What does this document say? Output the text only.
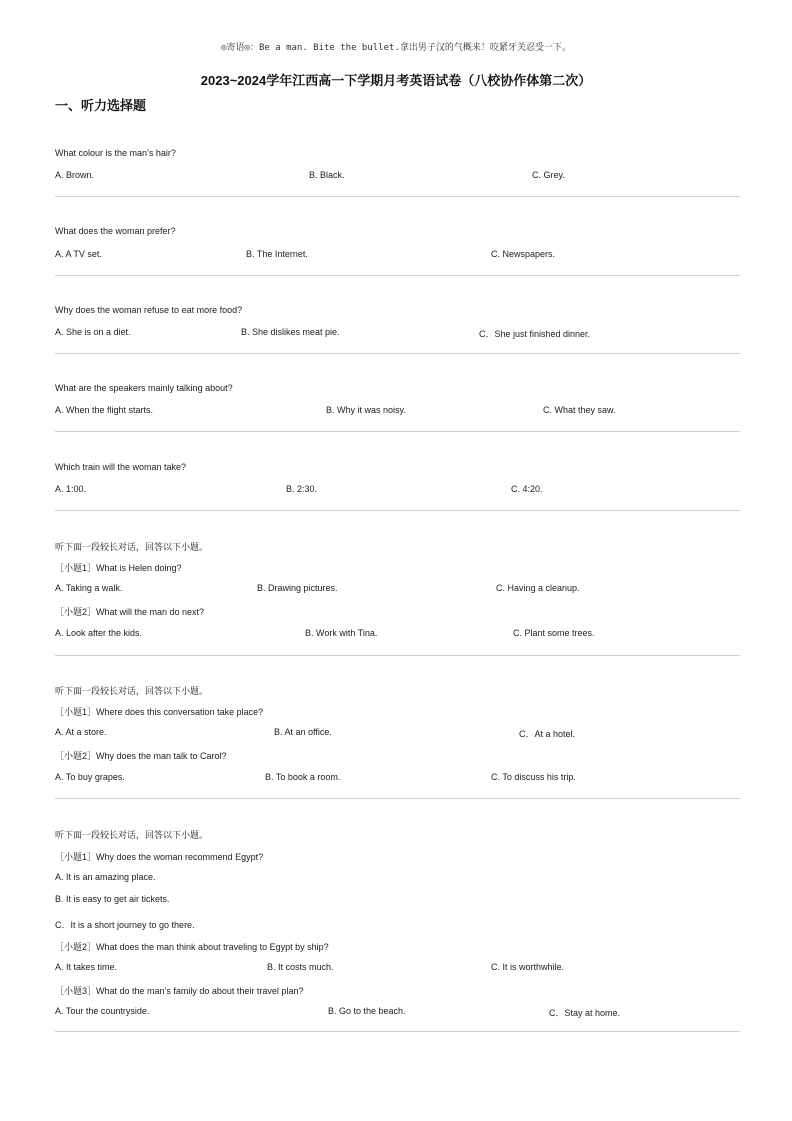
◎寄语◎：Be a man. Bite the bullet.拿出男子汉的气概来！咬紧牙关忍受一下。
2023~2024学年江西高一下学期月考英语试卷（八校协作体第二次）
一、听力选择题
What colour is the man’s hair?
A. Brown.	B. Black.	C. Grey.
What does the woman prefer?
A. A TV set.	B. The Internet.	C. Newspapers.
Why does the woman refuse to eat more food?
A. She is on a diet.	B. She dislikes meat pie.	C．She just finished dinner.
What are the speakers mainly talking about?
A. When the flight starts.	B. Why it was noisy.	C. What they saw.
Which train will the woman take?
A. 1:00.	B. 2:30.	C. 4:20.
听下面一段较长对话，回答以下小题。
［小题1］What is Helen doing?
A. Taking a walk.	B. Drawing pictures.	C. Having a cleanup.
［小题2］What will the man do next?
A. Look after the kids.	B. Work with Tina.	C. Plant some trees.
听下面一段较长对话，回答以下小题。
［小题1］Where does this conversation take place?
A. At a store.	B. At an office.	C．At a hotel.
［小题2］Why does the man talk to Carol?
A. To buy grapes.	B. To book a room.	C. To discuss his trip.
听下面一段较长对话，回答以下小题。
［小题1］Why does the woman recommend Egypt?
A. It is an amazing place.
B. It is easy to get air tickets.
C．It is a short journey to go there.
［小题2］What does the man think about traveling to Egypt by ship?
A. It takes time.	B. It costs much.	C. It is worthwhile.
［小题3］What do the man’s family do about their travel plan?
A. Tour the countryside.	B. Go to the beach.	C．Stay at home.
